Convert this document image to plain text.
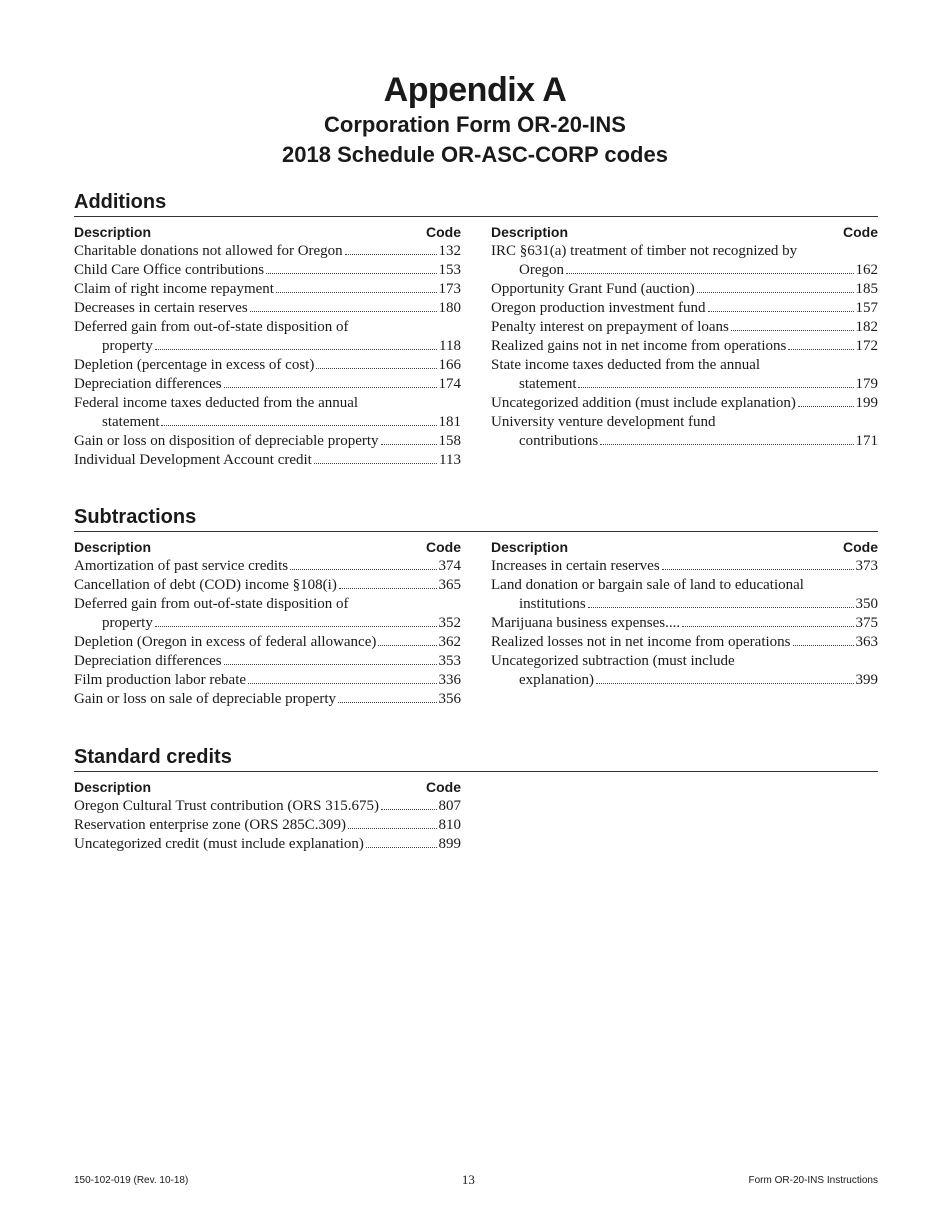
Appendix A
Corporation Form OR-20-INS
2018 Schedule OR-ASC-CORP codes
Additions
Description	Code
Charitable donations not allowed for Oregon	132
Child Care Office contributions	153
Claim of right income repayment	173
Decreases in certain reserves	180
Deferred gain from out-of-state disposition of
property	118
Depletion (percentage in excess of cost)	166
Depreciation differences	174
Federal income taxes deducted from the annual
statement	181
Gain or loss on disposition of depreciable property	158
Individual Development Account credit	113
Description	Code
IRC §631(a) treatment of timber not recognized by
Oregon	162
Opportunity Grant Fund (auction)	185
Oregon production investment fund	157
Penalty interest on prepayment of loans	182
Realized gains not in net income from operations	172
State income taxes deducted from the annual
statement	179
Uncategorized addition (must include explanation)	199
University venture development fund
contributions	171
Subtractions
Description	Code
Amortization of past service credits	374
Cancellation of debt (COD) income §108(i)	365
Deferred gain from out-of-state disposition of
property	352
Depletion (Oregon in excess of federal allowance)	362
Depreciation differences	353
Film production labor rebate	336
Gain or loss on sale of depreciable property	356
Description	Code
Increases in certain reserves	373
Land donation or bargain sale of land to educational
institutions	350
Marijuana business expenses....	375
Realized losses not in net income from operations	363
Uncategorized subtraction (must include
explanation)	399
Standard credits
Description	Code
Oregon Cultural Trust contribution (ORS 315.675)	807
Reservation enterprise zone (ORS 285C.309)	810
Uncategorized credit (must include explanation)	899
150-102-019 (Rev. 10-18)	13	Form OR-20-INS Instructions
